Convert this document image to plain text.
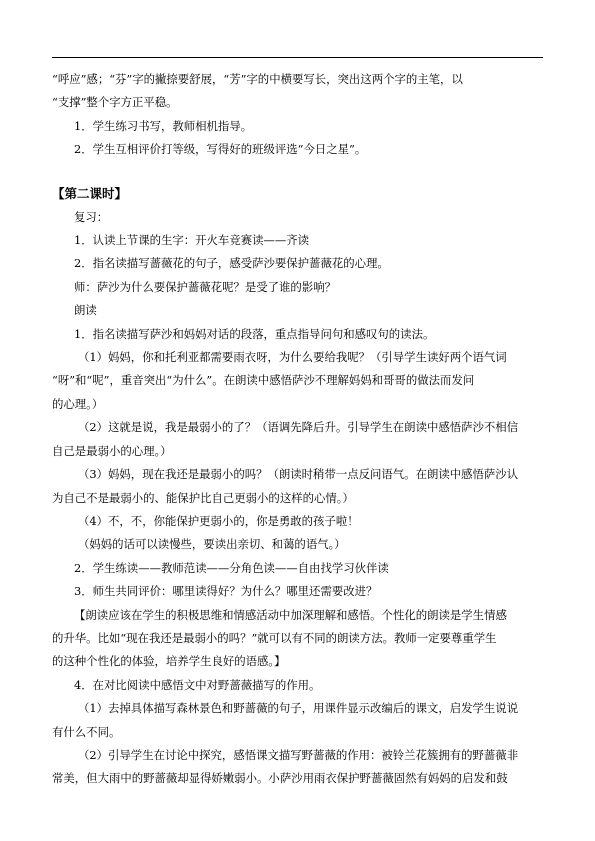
“呼应”感；“芬”字的撇捺要舒展，“芳”字的中横要写长，突出这两个字的主笔，以

“支撑”整个字方正平稳。

1．学生练习书写，教师相机指导。

2．学生互相评价打等级，写得好的班级评选“今日之星”。

【第二课时】

复习：

1．认读上节课的生字：开火车竞赛读——齐读

2．指名读描写蔷薇花的句子，感受萨沙要保护蔷薇花的心理。

师：萨沙为什么要保护蔷薇花呢？是受了谁的影响？

朗读

1．指名读描写萨沙和妈妈对话的段落，重点指导问句和感叹句的读法。

（1）妈妈，你和托利亚都需要雨衣呀，为什么要给我呢？（引导学生读好两个语气词

“呀”和“呢”，重音突出“为什么”。在朗读中感悟萨沙不理解妈妈和哥哥的做法而发问

的心理。）

（2）这就是说，我是最弱小的了？（语调先降后升。引导学生在朗读中感悟萨沙不相信

自己是最弱小的心理。）

（3）妈妈，现在我还是最弱小的吗？（朗读时稍带一点反问语气。在朗读中感悟萨沙认

为自己不是最弱小的、能保护比自己更弱小的这样的心情。）

（4）不，不，你能保护更弱小的，你是勇敢的孩子啦！

（妈妈的话可以读慢些，要读出亲切、和蔼的语气。）

2．学生练读——教师范读——分角色读——自由找学习伙伴读

3．师生共同评价：哪里读得好？为什么？哪里还需要改进？

【朗读应该在学生的积极思维和情感活动中加深理解和感悟。个性化的朗读是学生情感

的升华。比如“现在我还是最弱小的吗？”就可以有不同的朗读方法。教师一定要尊重学生

的这种个性化的体验，培养学生良好的语感。】

4．在对比阅读中感悟文中对野蔷薇描写的作用。

（1）去掉具体描写森林景色和野蔷薇的句子，用课件显示改编后的课文，启发学生说说

有什么不同。

（2）引导学生在讨论中探究，感悟课文描写野蔷薇的作用：被铃兰花簇拥有的野蔷薇非

常美，但大雨中的野蔷薇却显得娇嫩弱小。小萨沙用雨衣保护野蔷薇固然有妈妈的启发和鼓
